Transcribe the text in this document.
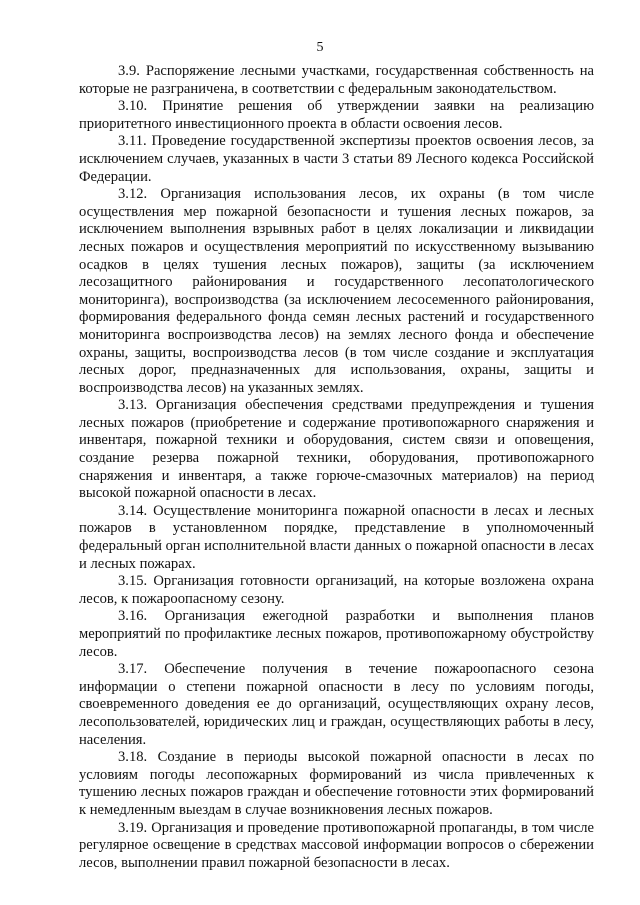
5

3.9. Распоряжение лесными участками, государственная собственность на которые не разграничена, в соответствии с федеральным законодательством.

3.10. Принятие решения об утверждении заявки на реализацию приоритетного инвестиционного проекта в области освоения лесов.

3.11. Проведение государственной экспертизы проектов освоения лесов, за исключением случаев, указанных в части 3 статьи 89 Лесного кодекса Российской Федерации.

3.12. Организация использования лесов, их охраны (в том числе осуществления мер пожарной безопасности и тушения лесных пожаров, за исключением выполнения взрывных работ в целях локализации и ликвидации лесных пожаров и осуществления мероприятий по искусственному вызыванию осадков в целях тушения лесных пожаров), защиты (за исключением лесозащитного районирования и государственного лесопатологического мониторинга), воспроизводства (за исключением лесосеменного районирования, формирования федерального фонда семян лесных растений и государственного мониторинга воспроизводства лесов) на землях лесного фонда и обеспечение охраны, защиты, воспроизводства лесов (в том числе создание и эксплуатация лесных дорог, предназначенных для использования, охраны, защиты и воспроизводства лесов) на указанных землях.

3.13. Организация обеспечения средствами предупреждения и тушения лесных пожаров (приобретение и содержание противопожарного снаряжения и инвентаря, пожарной техники и оборудования, систем связи и оповещения, создание резерва пожарной техники, оборудования, противопожарного снаряжения и инвентаря, а также горюче-смазочных материалов) на период высокой пожарной опасности в лесах.

3.14. Осуществление мониторинга пожарной опасности в лесах и лесных пожаров в установленном порядке, представление в уполномоченный федеральный орган исполнительной власти данных о пожарной опасности в лесах и лесных пожарах.

3.15. Организация готовности организаций, на которые возложена охрана лесов, к пожароопасному сезону.

3.16. Организация ежегодной разработки и выполнения планов мероприятий по профилактике лесных пожаров, противопожарному обустройству лесов.

3.17. Обеспечение получения в течение пожароопасного сезона информации о степени пожарной опасности в лесу по условиям погоды, своевременного доведения ее до организаций, осуществляющих охрану лесов, лесопользователей, юридических лиц и граждан, осуществляющих работы в лесу, населения.

3.18. Создание в периоды высокой пожарной опасности в лесах по условиям погоды лесопожарных формирований из числа привлеченных к тушению лесных пожаров граждан и обеспечение готовности этих формирований к немедленным выездам в случае возникновения лесных пожаров.

3.19. Организация и проведение противопожарной пропаганды, в том числе регулярное освещение в средствах массовой информации вопросов о сбережении лесов, выполнении правил пожарной безопасности в лесах.
